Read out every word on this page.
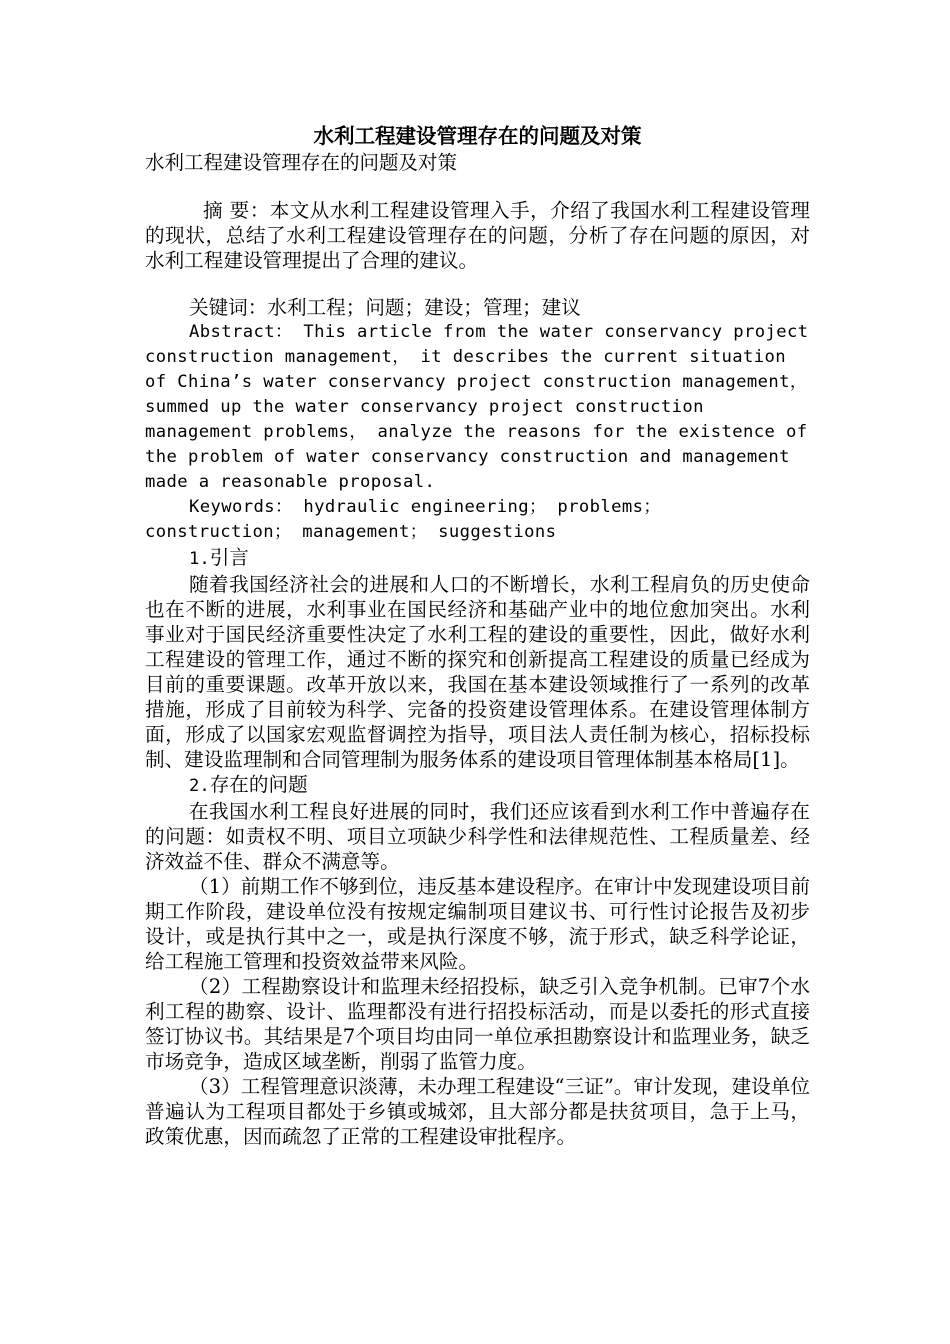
水利工程建设管理存在的问题及对策

水利工程建设管理存在的问题及对策

摘 要：本文从水利工程建设管理入手，介绍了我国水利工程建设管理的现状，总结了水利工程建设管理存在的问题，分析了存在问题的原因，对水利工程建设管理提出了合理的建议。

关键词：水利工程；问题；建设；管理；建议

Abstract： This article from the water conservancy project construction management， it describes the current situation of China’s water conservancy project construction management， summed up the water conservancy project construction management problems， analyze the reasons for the existence of the problem of water conservancy construction and management made a reasonable proposal.

Keywords： hydraulic engineering； problems； construction； management； suggestions

1.引言

随着我国经济社会的进展和人口的不断增长，水利工程肩负的历史使命也在不断的进展，水利事业在国民经济和基础产业中的地位愈加突出。水利事业对于国民经济重要性决定了水利工程的建设的重要性，因此，做好水利工程建设的管理工作，通过不断的探究和创新提高工程建设的质量已经成为目前的重要课题。改革开放以来，我国在基本建设领域推行了一系列的改革措施，形成了目前较为科学、完备的投资建设管理体系。在建设管理体制方面，形成了以国家宏观监督调控为指导，项目法人责任制为核心，招标投标制、建设监理制和合同管理制为服务体系的建设项目管理体制基本格局[1]。

2.存在的问题

在我国水利工程良好进展的同时，我们还应该看到水利工作中普遍存在的问题：如责权不明、项目立项缺少科学性和法律规范性、工程质量差、经济效益不佳、群众不满意等。

（1）前期工作不够到位，违反基本建设程序。在审计中发现建设项目前期工作阶段，建设单位没有按规定编制项目建议书、可行性讨论报告及初步设计，或是执行其中之一，或是执行深度不够，流于形式，缺乏科学论证，给工程施工管理和投资效益带来风险。

（2）工程勘察设计和监理未经招投标，缺乏引入竞争机制。已审7个水利工程的勘察、设计、监理都没有进行招投标活动，而是以委托的形式直接签订协议书。其结果是7个项目均由同一单位承担勘察设计和监理业务，缺乏市场竞争，造成区域垄断，削弱了监管力度。

（3）工程管理意识淡薄，未办理工程建设“三证”。审计发现，建设单位普遍认为工程项目都处于乡镇或城郊，且大部分都是扶贫项目，急于上马，政策优惠，因而疏忽了正常的工程建设审批程序。
